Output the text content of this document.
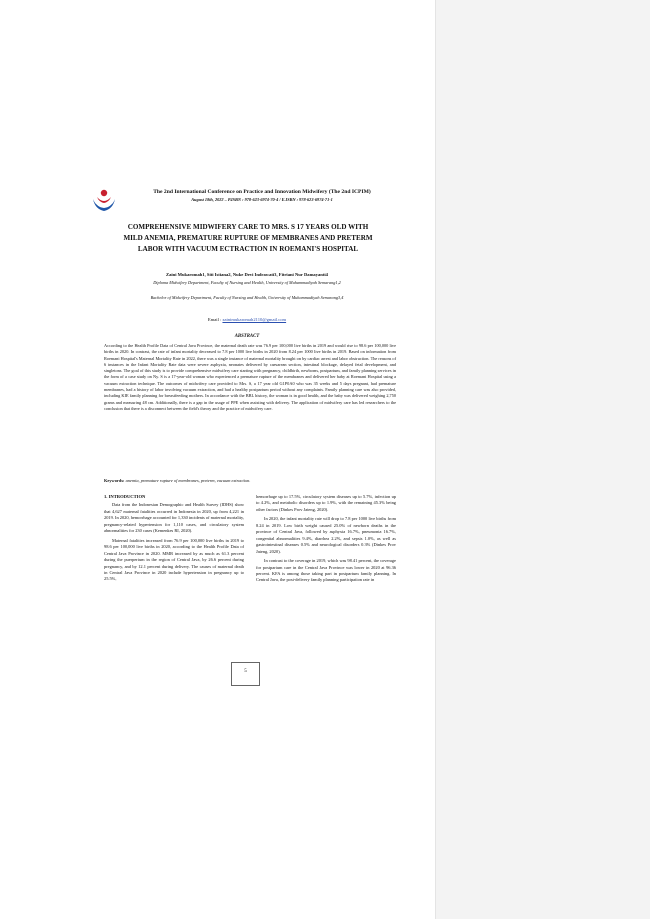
The 2nd International Conference on Practice and Innovation Midwifery (The 2nd ICPIM)
August 18th, 2022 – P.ISBN : 978-623-6974-70-4 / E.ISBN : 978-623-6974-71-1
COMPREHENSIVE MIDWIFERY CARE TO MRS. S 17 YEARS OLD WITH MILD ANEMIA, PREMATURE RUPTURE OF MEMBRANES AND PRETERM LABOR WITH VACUUM ECTRACTION IN ROEMANI'S HOSPITAL
Zaini Mukaromah1, Siti Istiana2, Nuke Devi Indrawati3, Fitriani Nur Damayanti4
Diploma Midwifery Department, Faculty of Nursing and Health, University of Muhammadiyah Semarang1,2
Bachelor of Midwifery Department, Faculty of Nursing and Health, University of Muhammadiyah Semarang3,4
Email : zainimukaromah2110@gmail.com
ABSTRACT
According to the Health Profile Data of Central Java Province, the maternal death rate was 76.9 per 100,000 live births in 2019 and would rise to 98.6 per 100,000 live births in 2020. In contrast, the rate of infant mortality decreased to 7.8 per 1000 live births in 2020 from 8.24 per 1000 live births in 2019. Based on information from Roemani Hospital's Maternal Mortality Rate in 2022, there was a single instance of maternal mortality brought on by cardiac arrest and labor obstruction. The reasons of 6 instances in the Infant Mortality Rate data were severe asphyxia, neonates delivered by caesarean section, intestinal blockage, delayed fetal development, and singletons. The goal of this study is to provide comprehensive midwifery care starting with pregnancy, childbirth, newborns, postpartum, and family planning services in the form of a case study on Ny. S is a 17-year-old woman who experienced a premature rupture of the membranes and delivered her baby at Roemani Hospital using a vacuum extraction technique. The outcomes of midwifery care provided to Mrs. S, a 17 year old G1P0A0 who was 35 weeks and 5 days pregnant, had premature membranes, had a history of labor involving vacuum extraction, and had a healthy postpartum period without any complaints. Family planning care was also provided, including KIE family planning for breastfeeding mothers. In accordance with the BBL history, the woman is in good health, and the baby was delivered weighing 2,750 grams and measuring 48 cm. Additionally, there is a gap in the usage of PPE when assisting with delivery. The application of midwifery care has led researchers to the conclusion that there is a disconnect between the field's theory and the practice of midwifery care.
Keywords: anemia, premature rupture of membranes, preterm, vacuum extraction.
1. INTRODUCTION

Data from the Indonesian Demographic and Health Survey (IDHS) show that 4,627 maternal fatalities occurred in Indonesia in 2020, up from 4,221 in 2019. In 2020, hemorrhage accounted for 1,330 incidents of maternal mortality, pregnancy-related hypertension for 1,110 cases, and circulatory system abnormalities for 230 cases (Kemenkes RI, 2020).

Maternal fatalities increased from 76.9 per 100,000 live births in 2019 to 98.6 per 100,000 live births in 2020, according to the Health Profile Data of Central Java Province in 2020. MMR increased by as much as 61.3 percent during the puerperium in the region of Central Java, by 26.6 percent during pregnancy, and by 12.1 percent during delivery. The causes of maternal death in Central Java Province in 2020 include hypertension in pregnancy up to 25.5%,

hemorrhage up to 17.5%, circulatory system diseases up to 5.7%, infection up to 4.2%, and metabolic disorders up to 1.9%, with the remaining 45.3% being other factors (Dinkes Prov Jateng, 2020).

In 2020, the infant mortality rate will drop to 7.8 per 1000 live births from 8.24 in 2019. Low birth weight caused 25.0% of newborn deaths in the province of Central Java, followed by asphyxia 16.7%, pneumonia 16.7%, congenital abnormalities 9.4%, diarrhea 2.2%, and sepsis 1.0%, as well as gastrointestinal diseases 0.5% and neurological disorders 0.3% (Dinkes Prov Jateng, 2020).

In contrast to the coverage in 2019, which was 98.41 percent, the coverage for postpartum care in the Central Java Province was lower in 2020 at 96.36 percent. KFA is among those taking part in postpartum family planning. In Central Java, the post-delivery family planning participation rate in

5
